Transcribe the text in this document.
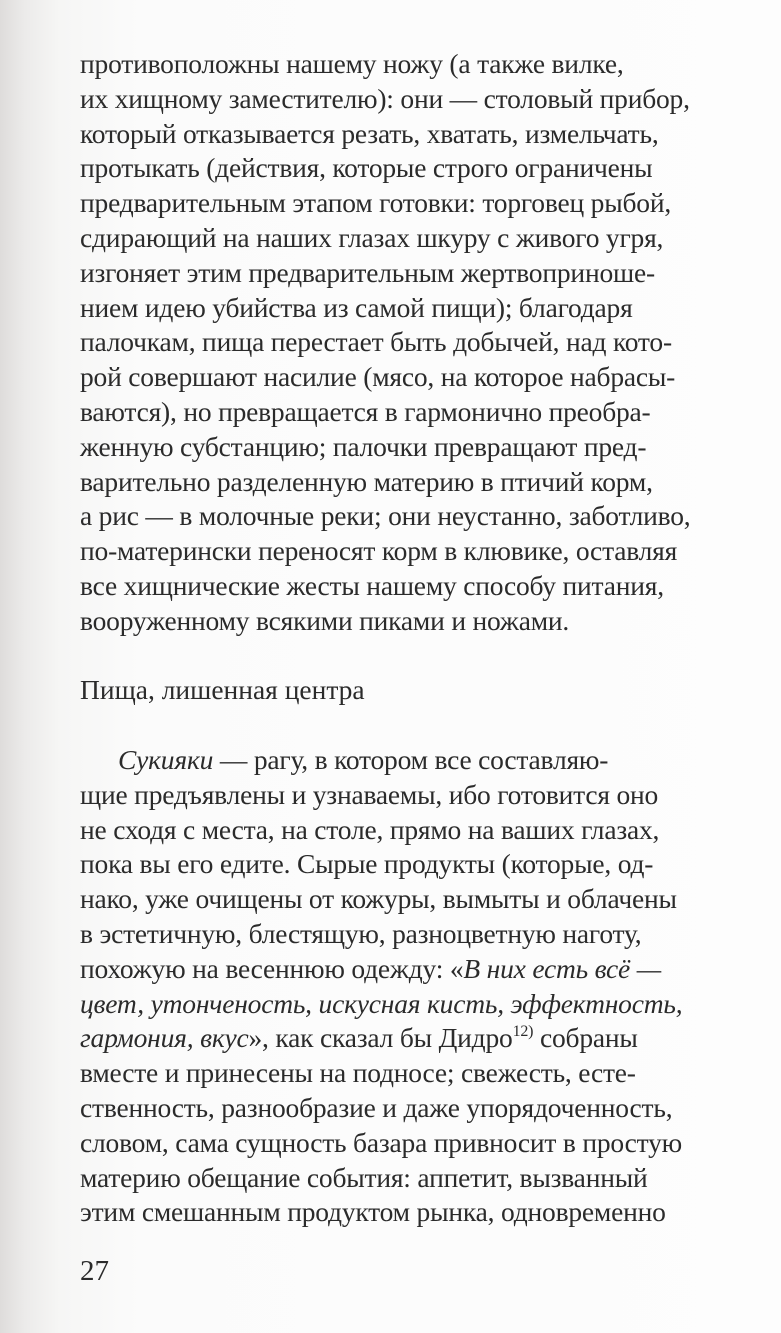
противоположны нашему ножу (а также вилке,
их хищному заместителю): они — столовый прибор,
который отказывается резать, хватать, измельчать,
протыкать (действия, которые строго ограничены
предварительным этапом готовки: торговец рыбой,
сдирающий на наших глазах шкуру с живого угря,
изгоняет этим предварительным жертвоприноше-
нием идею убийства из самой пищи); благодаря
палочкам, пища перестает быть добычей, над кото-
рой совершают насилие (мясо, на которое набрасы-
ваются), но превращается в гармонично преобра-
женную субстанцию; палочки превращают пред-
варительно разделенную материю в птичий корм,
а рис — в молочные реки; они неустанно, заботливо,
по-матерински переносят корм в клювике, оставляя
все хищнические жесты нашему способу питания,
вооруженному всякими пиками и ножами.
Пища, лишенная центра
Сукияки — рагу, в котором все составляю-
щие предъявлены и узнаваемы, ибо готовится оно
не сходя с места, на столе, прямо на ваших глазах,
пока вы его едите. Сырые продукты (которые, од-
нако, уже очищены от кожуры, вымыты и облачены
в эстетичную, блестящую, разноцветную наготу,
похожую на весеннюю одежду: «В них есть всё —
цвет, утонченость, искусная кисть, эффектность,
гармония, вкус», как сказал бы Дидро$^{12)}$ собраны
вместе и принесены на подносе; свежесть, есте-
ственность, разнообразие и даже упорядоченность,
словом, сама сущность базара привносит в простую
материю обещание события: аппетит, вызванный
этим смешанным продуктом рынка, одновременно
27
